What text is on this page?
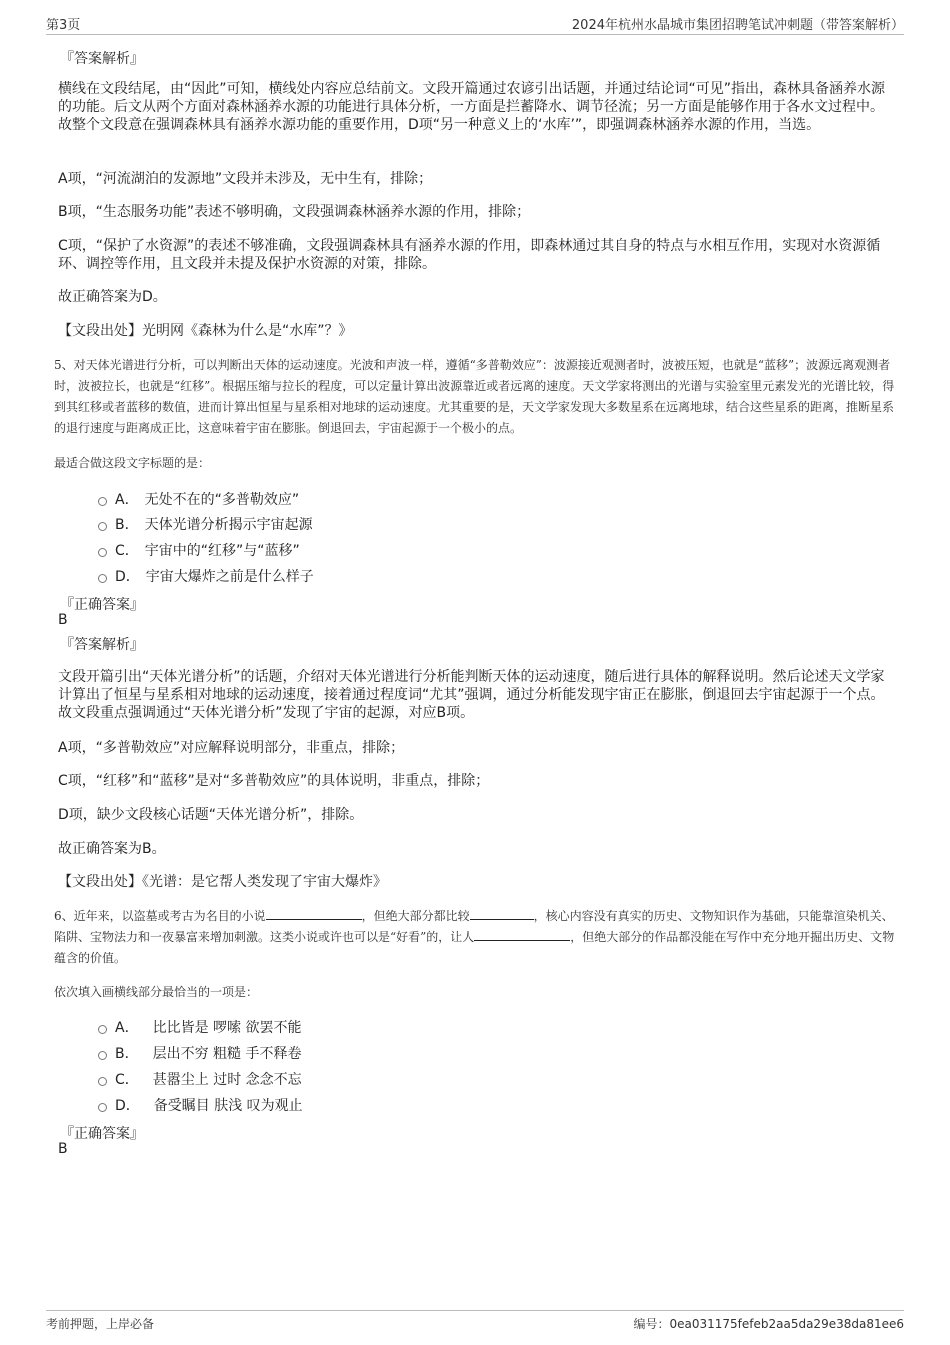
第3页	2024年杭州水晶城市集团招聘笔试冲刺题（带答案解析）
『答案解析』
横线在文段结尾，由“因此”可知，横线处内容应总结前文。文段开篇通过农谚引出话题，并通过结论词“可见”指出，森林具备涵养水源的功能。后文从两个方面对森林涵养水源的功能进行具体分析，一方面是拦蓄降水、调节径流；另一方面是能够作用于各水文过程中。故整个文段意在强调森林具有涵养水源功能的重要作用，D项“另一种意义上的‘水库’”，即强调森林涵养水源的作用，当选。
A项，“河流湖泊的发源地”文段并未涉及，无中生有，排除；
B项，“生态服务功能”表述不够明确，文段强调森林涵养水源的作用，排除；
C项，“保护了水资源”的表述不够准确，文段强调森林具有涵养水源的作用，即森林通过其自身的特点与水相互作用，实现对水资源循环、调控等作用，且文段并未提及保护水资源的对策，排除。
故正确答案为D。
【文段出处】光明网《森林为什么是“水库”？》
5、对天体光谱进行分析，可以判断出天体的运动速度。光波和声波一样，遵循“多普勒效应”：波源接近观测者时，波被压短，也就是“蓝移”；波源远离观测者时，波被拉长，也就是“红移”。根据压缩与拉长的程度，可以定量计算出波源靠近或者远离的速度。天文学家将测出的光谱与实验室里元素发光的光谱比较，得到其红移或者蓝移的数值，进而计算出恒星与星系相对地球的运动速度。尤其重要的是，天文学家发现大多数星系在远离地球，结合这些星系的距离，推断星系的退行速度与距离成正比，这意味着宇宙在膨胀。倒退回去，宇宙起源于一个极小的点。
最适合做这段文字标题的是：
A． 无处不在的“多普勒效应”
B． 天体光谱分析揭示宇宙起源
C． 宇宙中的“红移”与“蓝移”
D． 宇宙大爆炸之前是什么样子
『正确答案』
B
『答案解析』
文段开篇引出“天体光谱分析”的话题，介绍对天体光谱进行分析能判断天体的运动速度，随后进行具体的解释说明。然后论述天文学家计算出了恒星与星系相对地球的运动速度，接着通过程度词“尤其”强调，通过分析能发现宇宙正在膨胀，倒退回去宇宙起源于一个点。故文段重点强调通过“天体光谱分析”发现了宇宙的起源，对应B项。
A项，“多普勒效应”对应解释说明部分，非重点，排除；
C项，“红移”和“蓝移”是对“多普勒效应”的具体说明，非重点，排除；
D项，缺少文段核心话题“天体光谱分析”，排除。
故正确答案为B。
【文段出处】《光谱：是它帮人类发现了宇宙大爆炸》
6、近年来，以盗墓或考古为名目的小说	，但绝大部分都比较	，核心内容没有真实的历史、文物知识作为基础，只能靠渲染机关、陷阱、宝物法力和一夜暴富来增加刺激。这类小说或许也可以是“好看”的，让人	，但绝大部分的作品都没能在写作中充分地开掘出历史、文物蕴含的价值。
依次填入画横线部分最恰当的一项是：
A． 比比皆是 啰嗦 欲罢不能
B． 层出不穷 粗糙 手不释卷
C． 甚嚣尘上 过时 念念不忘
D． 备受瞩目 肤浅 叹为观止
『正确答案』
B
考前押题，上岸必备	编号：0ea031175fefeb2aa5da29e38da81ee6
